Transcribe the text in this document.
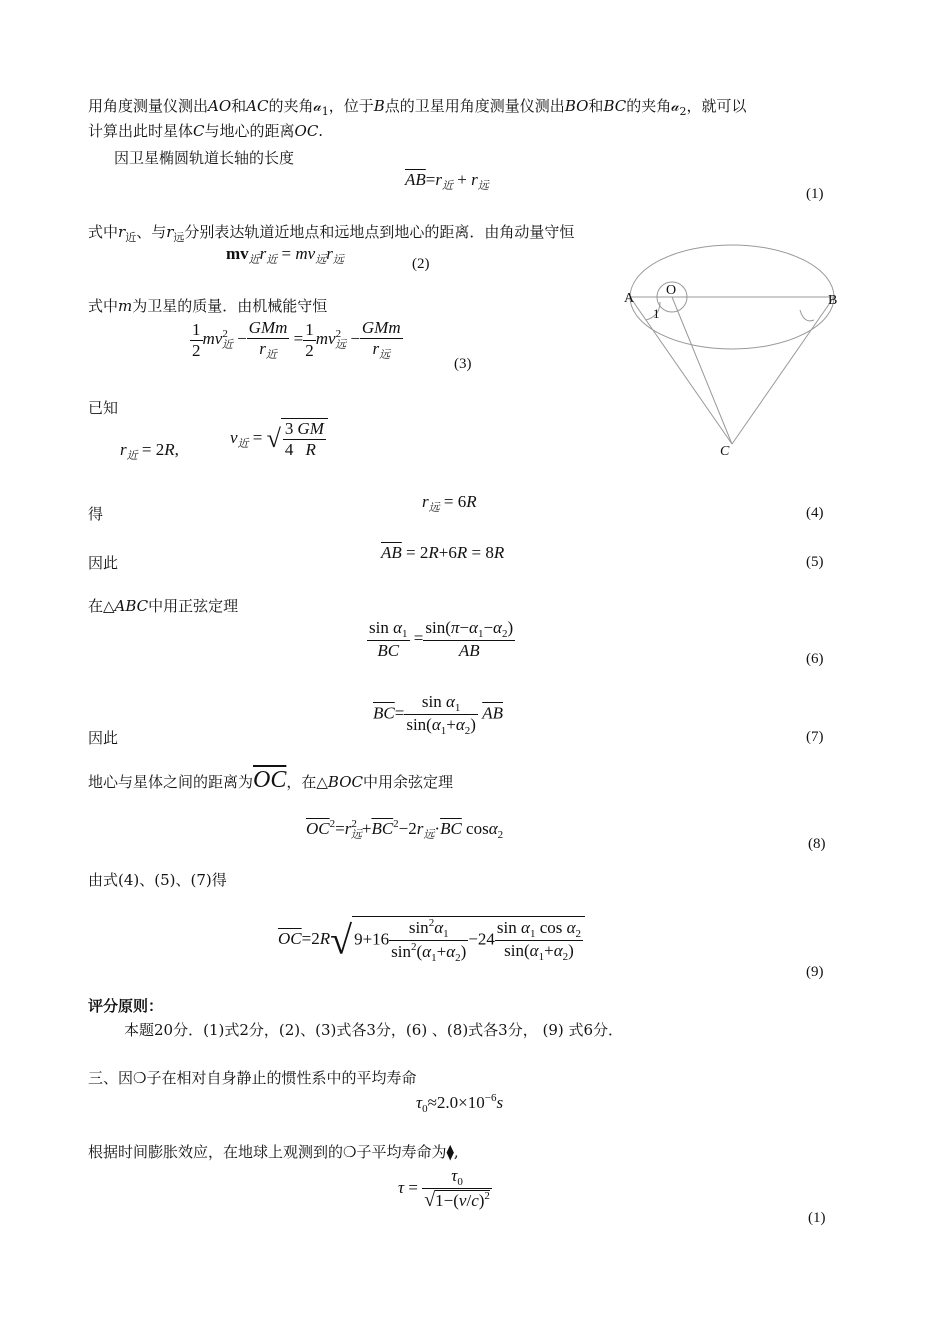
用角度测量仪测出AO和AC的夹角𝒶$_1$，位于B点的卫星用角度测量仪测出BO和BC的夹角𝒶$_2$，就可以
计算出此时星体C与地心的距离OC.
因卫星椭圆轨道长轴的长度
$\overline{AB}=r_近 + r_远$	(1)
式中$r_近$、与$r_远$分别表达轨道近地点和远地点到地心的距离．由角动量守恒
$mv_近r_近 = mv_远r_远$	(2)
式中m为卫星的质量．由机械能守恒
$\frac{1}{2} mv^2_近 - \frac{\text{GMm}}{r_近} = \frac{1}{2} mv^2_远 - \frac{\text{GMm}}{r_远}$
(3)
已知
$r_近 = 2R$,
$v_近$ = √ $\frac{3}{4} \frac{GM}{R}$
得
$r_远 = 6R$
(4)
因此
$\overline{AB} = 2R+6R = 8R$	(5)
在△ABC中用正弦定理
$\frac{\sin \alpha_1}{BC} = \frac{\sin(\pi-\alpha_1-\alpha_2)}{AB}$	(6)
$\overline{BC}= \frac{\sin \alpha_1}{\sin(\alpha_1+\alpha_2)} \overline{AB}$
因此	(7)
地心与星体之间的距离为$\overline{OC}$，在△BOC中用余弦定理
$\overline{OC}^2=r^2_远+\overline{BC}^2-2r_远\cdot\overline{BC}$ cosα$_2$
(8)
由式(4)、(5)、(7)得
$\overline{OC}=2R√$ $9+16 \frac{\sin^2\alpha_1}{\sin^2(\alpha_1+\alpha_2)} -24 \frac{\sin \alpha_1 \cos \alpha_2}{\sin(\alpha_1+\alpha_2)}$
(9)
评分原则：
本题20分．(1)式2分，(2)、(3)式各3分，(6) 、(8)式各3分， (9) 式6分．
三、因❍子在相对自身静止的惯性系中的平均寿命
$\tau_0\approx 2.0\times 10^{-6}s$
根据时间膨胀效应，在地球上观测到的❍子平均寿命为⧫,
$\tau = \frac{\tau_0}{√1-(v/c)^2}$
(1)
A
O
B
1
C
